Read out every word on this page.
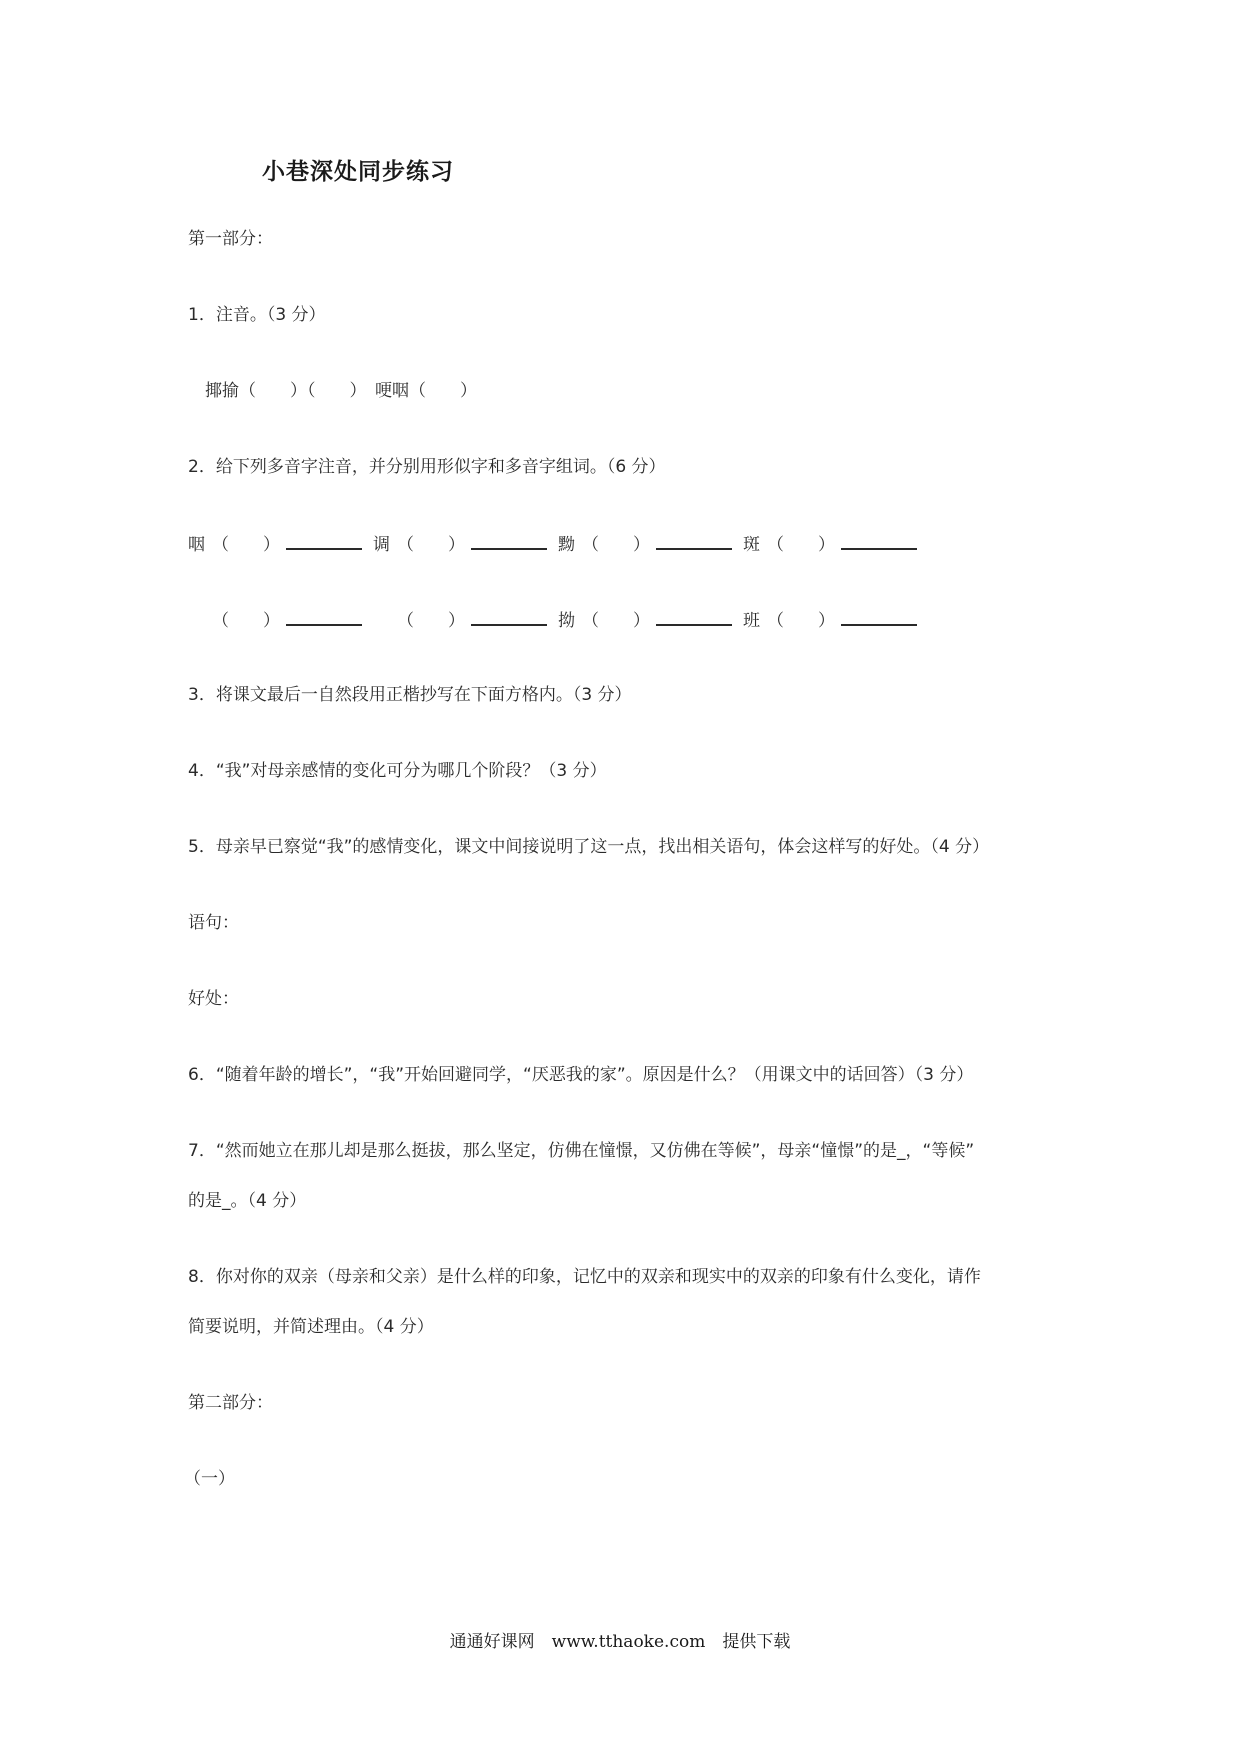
小巷深处同步练习
第一部分：
1．注音。（3 分）
揶揄（　　）（　　）　哽咽（　　）
2．给下列多音字注音，并分别用形似字和多音字组词。（6 分）
咽 （　　）	调 （　　）	黝 （　　）	斑 （　　）
（　　）	（　　）	拗 （　　）	班 （　　）
3．将课文最后一自然段用正楷抄写在下面方格内。（3 分）
4．“我”对母亲感情的变化可分为哪几个阶段？（3 分）
5．母亲早已察觉“我”的感情变化，课文中间接说明了这一点，找出相关语句，体会这样写的好处。（4 分）
语句：
好处：
6．“随着年龄的增长”，“我”开始回避同学，“厌恶我的家”。原因是什么？（用课文中的话回答）（3 分）
7．“然而她立在那儿却是那么挺拔，那么坚定，仿佛在憧憬，又仿佛在等候”，母亲“憧憬”的是_，“等候”
的是_。（4 分）
8．你对你的双亲（母亲和父亲）是什么样的印象，记忆中的双亲和现实中的双亲的印象有什么变化，请作
简要说明，并简述理由。（4 分）
第二部分：
（一）
通通好课网　www.tthaoke.com　提供下载
